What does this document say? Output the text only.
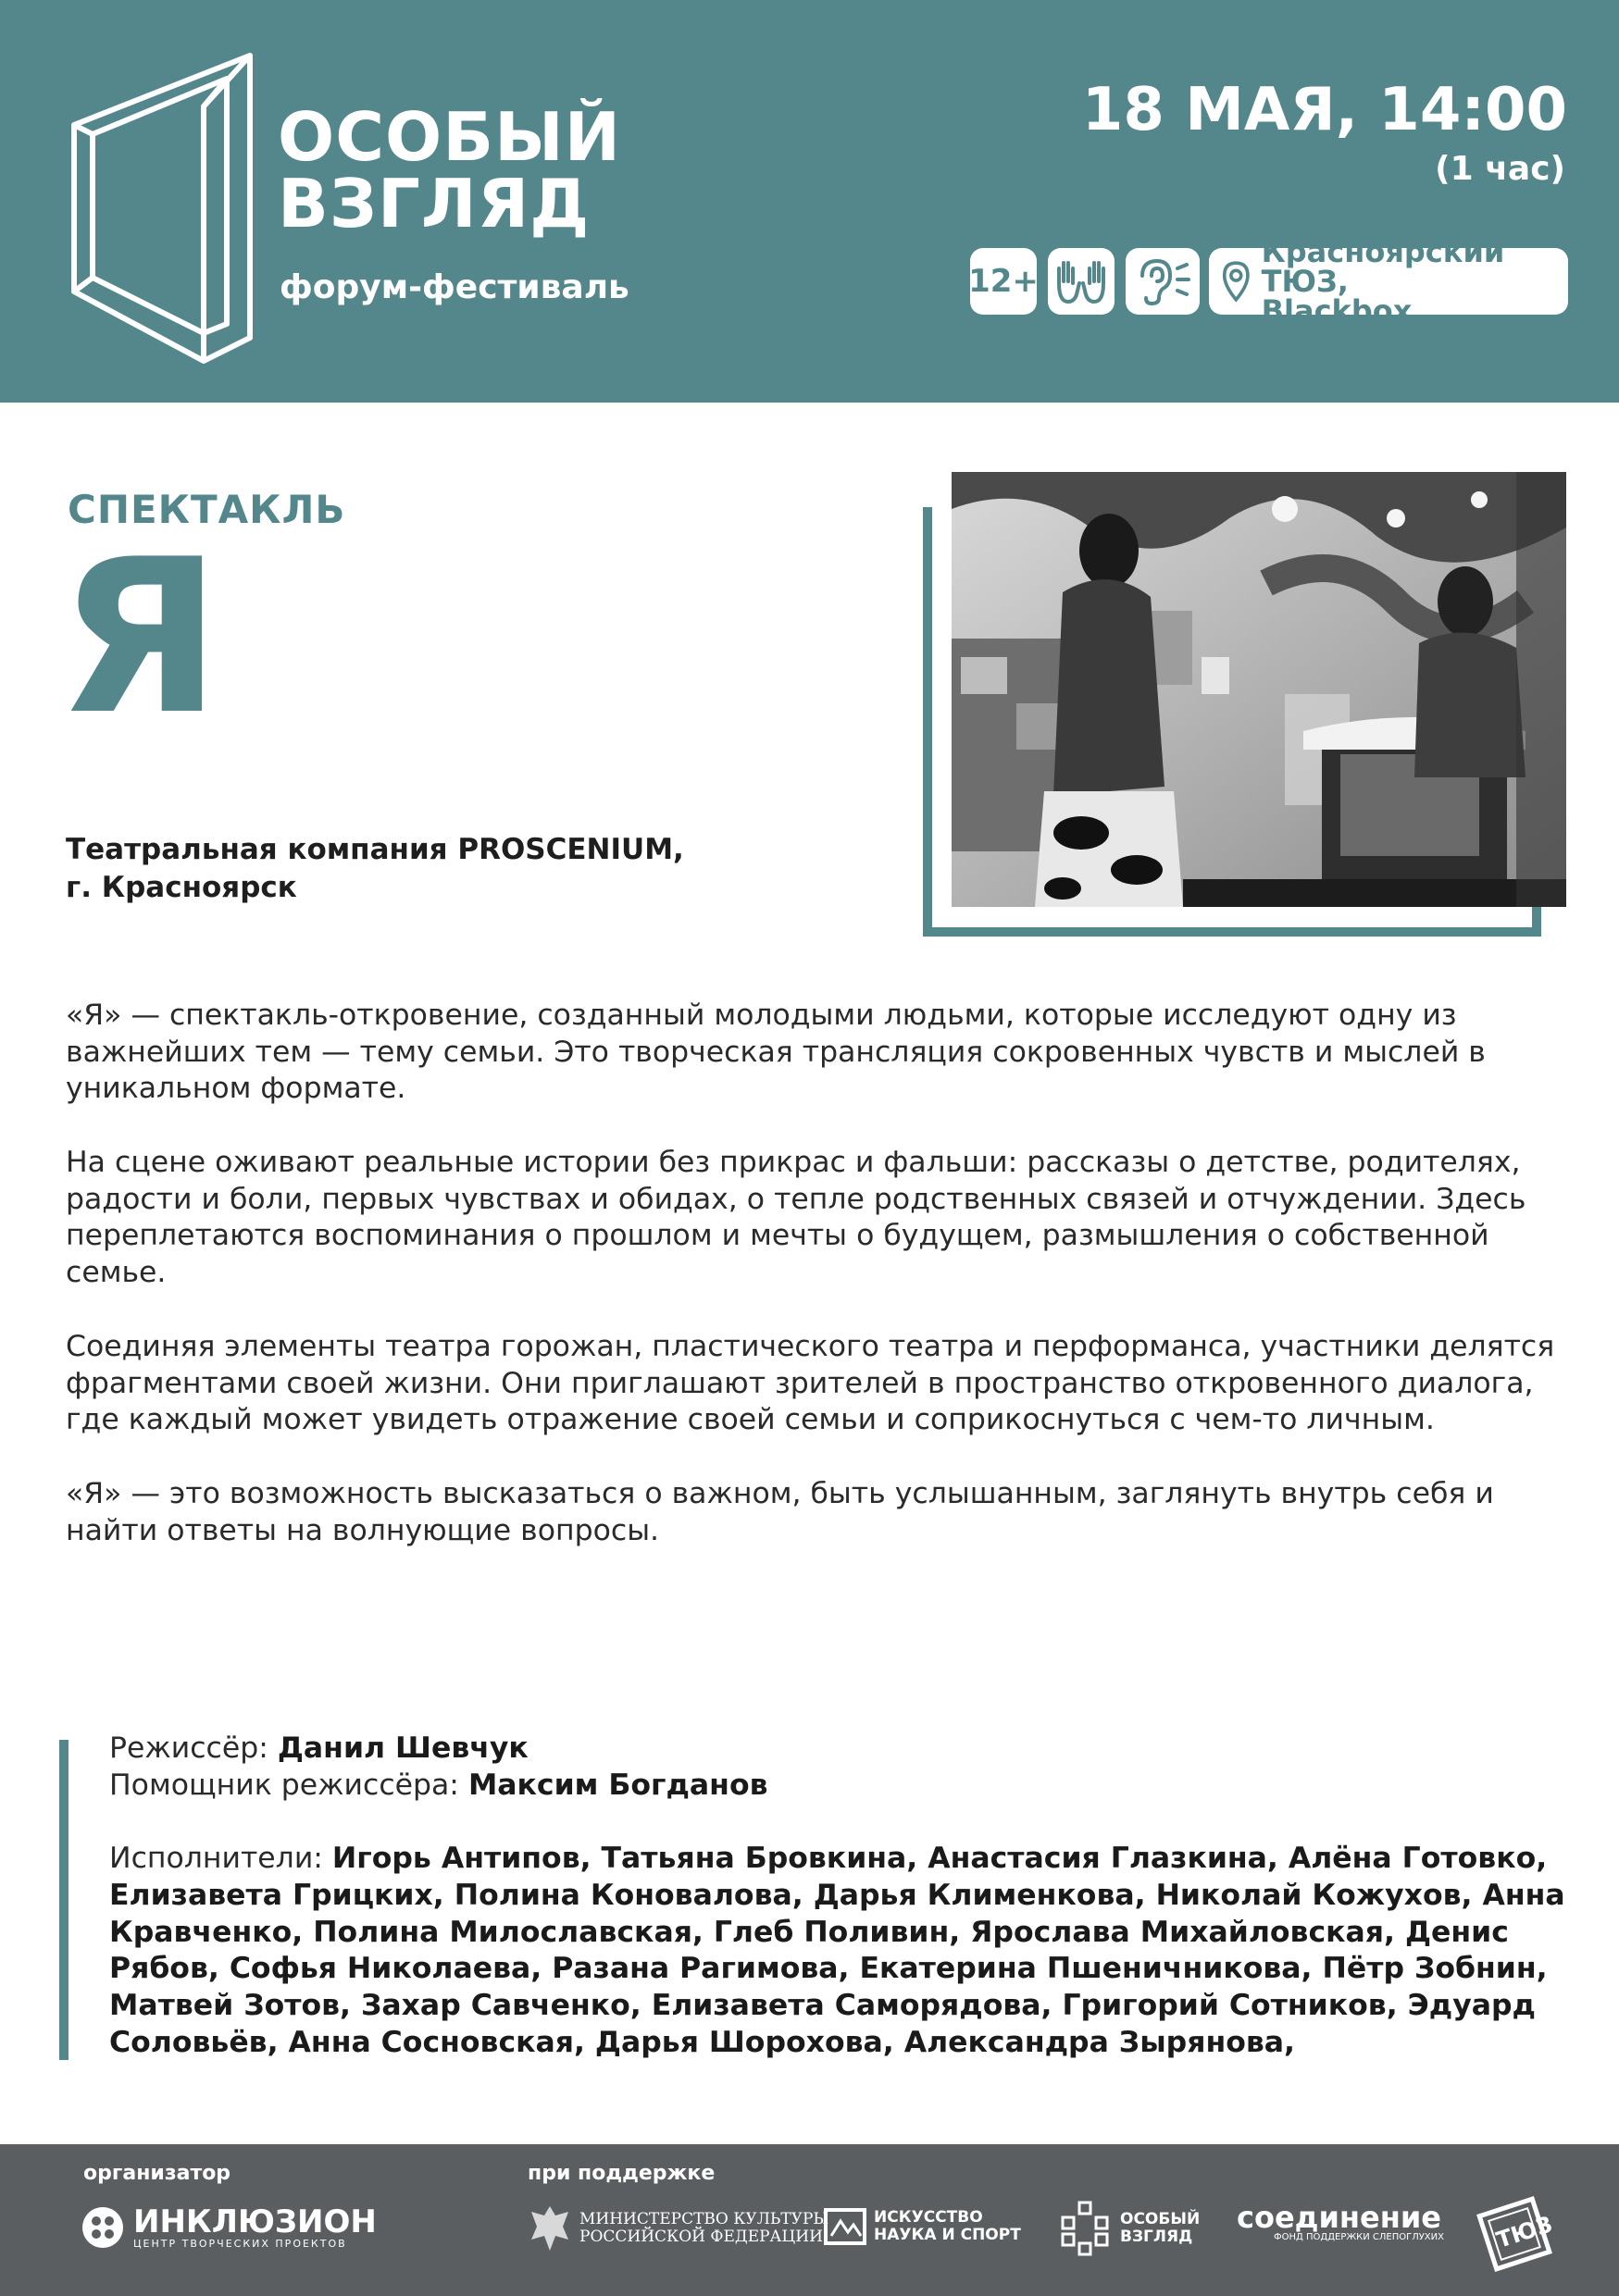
ОСОБЫЙ
ВЗГЛЯД
форум-фестиваль
18 МАЯ, 14:00
(1 час)
12+
Красноярский ТЮЗ,
Blackbox
СПЕКТАКЛЬ
Я
Театральная компания PROSCENIUM,
г. Красноярск

«Я» — спектакль-откровение, созданный молодыми людьми, которые исследуют одну из важнейших тем — тему семьи. Это творческая трансляция сокровенных чувств и мыслей в уникальном формате.

На сцене оживают реальные истории без прикрас и фальши: рассказы о детстве, родителях, радости и боли, первых чувствах и обидах, о тепле родственных связей и отчуждении. Здесь переплетаются воспоминания о прошлом и мечты о будущем, размышления о собственной семье.

Соединяя элементы театра горожан, пластического театра и перформанса, участники делятся фрагментами своей жизни. Они приглашают зрителей в пространство откровенного диалога, где каждый может увидеть отражение своей семьи и соприкоснуться с чем-то личным.

«Я» — это возможность высказаться о важном, быть услышанным, заглянуть внутрь себя и найти ответы на волнующие вопросы.

Режиссёр: Данил Шевчук

Помощник режиссёра: Максим Богданов

Исполнители: Игорь Антипов, Татьяна Бровкина, Анастасия Глазкина, Алёна Готовко, Елизавета Грицких, Полина Коновалова, Дарья Клименкова, Николай Кожухов, Анна Кравченко, Полина Милославская, Глеб Поливин, Ярослава Михайловская, Денис Рябов, Софья Николаева, Разана Рагимова, Екатерина Пшеничникова, Пётр Зобнин, Матвей Зотов, Захар Савченко, Елизавета Саморядова, Григорий Сотников, Эдуард Соловьёв, Анна Сосновская, Дарья Шорохова, Александра Зырянова,

организатор	при поддержке
ИНКЛЮЗИОН
ЦЕНТР ТВОРЧЕСКИХ ПРОЕКТОВ
МИНИСТЕРСТВО КУЛЬТУРЫ
РОССИЙСКОЙ ФЕДЕРАЦИИ
ИСКУССТВО
НАУКА И СПОРТ
ОСОБЫЙ
ВЗГЛЯД
соединение
ФОНД ПОДДЕРЖКИ СЛЕПОГЛУХИХ ТЮЗ
